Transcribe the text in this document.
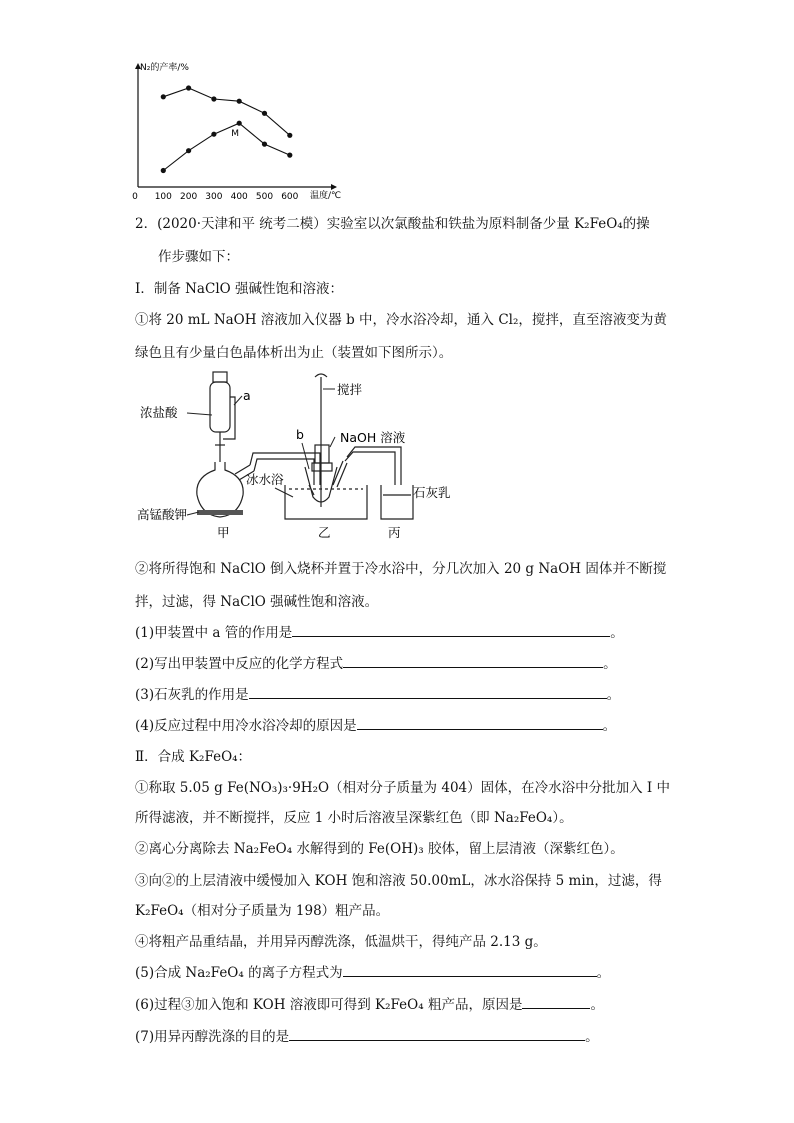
N₂的产率/%
温度/℃
0 100 200 300 400 500 600
M
2．(2020·天津和平 统考二模）实验室以次氯酸盐和铁盐为原料制备少量 K₂FeO₄的操
作步骤如下：
Ⅰ．制备 NaClO 强碱性饱和溶液：
①将 20 mL NaOH 溶液加入仪器 b 中，冷水浴冷却，通入 Cl₂，搅拌，直至溶液变为黄
绿色且有少量白色晶体析出为止（装置如下图所示）。
浓盐酸
a
高锰酸钾
甲
搅拌
b	NaOH 溶液
冰水浴
乙
石灰乳
丙
②将所得饱和 NaClO 倒入烧杯并置于冷水浴中，分几次加入 20 g NaOH 固体并不断搅
拌，过滤，得 NaClO 强碱性饱和溶液。
(1)甲装置中 a 管的作用是	。
(2)写出甲装置中反应的化学方程式	。
(3)石灰乳的作用是	。
(4)反应过程中用冷水浴冷却的原因是	。
Ⅱ．合成 K₂FeO₄：
①称取 5.05 g Fe(NO₃)₃·9H₂O（相对分子质量为 404）固体，在冷水浴中分批加入 I 中
所得滤液，并不断搅拌，反应 1 小时后溶液呈深紫红色（即 Na₂FeO₄）。
②离心分离除去 Na₂FeO₄ 水解得到的 Fe(OH)₃ 胶体，留上层清液（深紫红色）。
③向②的上层清液中缓慢加入 KOH 饱和溶液 50.00mL，冰水浴保持 5 min，过滤，得
K₂FeO₄（相对分子质量为 198）粗产品。
④将粗产品重结晶，并用异丙醇洗涤，低温烘干，得纯产品 2.13 g。
(5)合成 Na₂FeO₄ 的离子方程式为	。
(6)过程③加入饱和 KOH 溶液即可得到 K₂FeO₄ 粗产品，原因是	。
(7)用异丙醇洗涤的目的是	。
